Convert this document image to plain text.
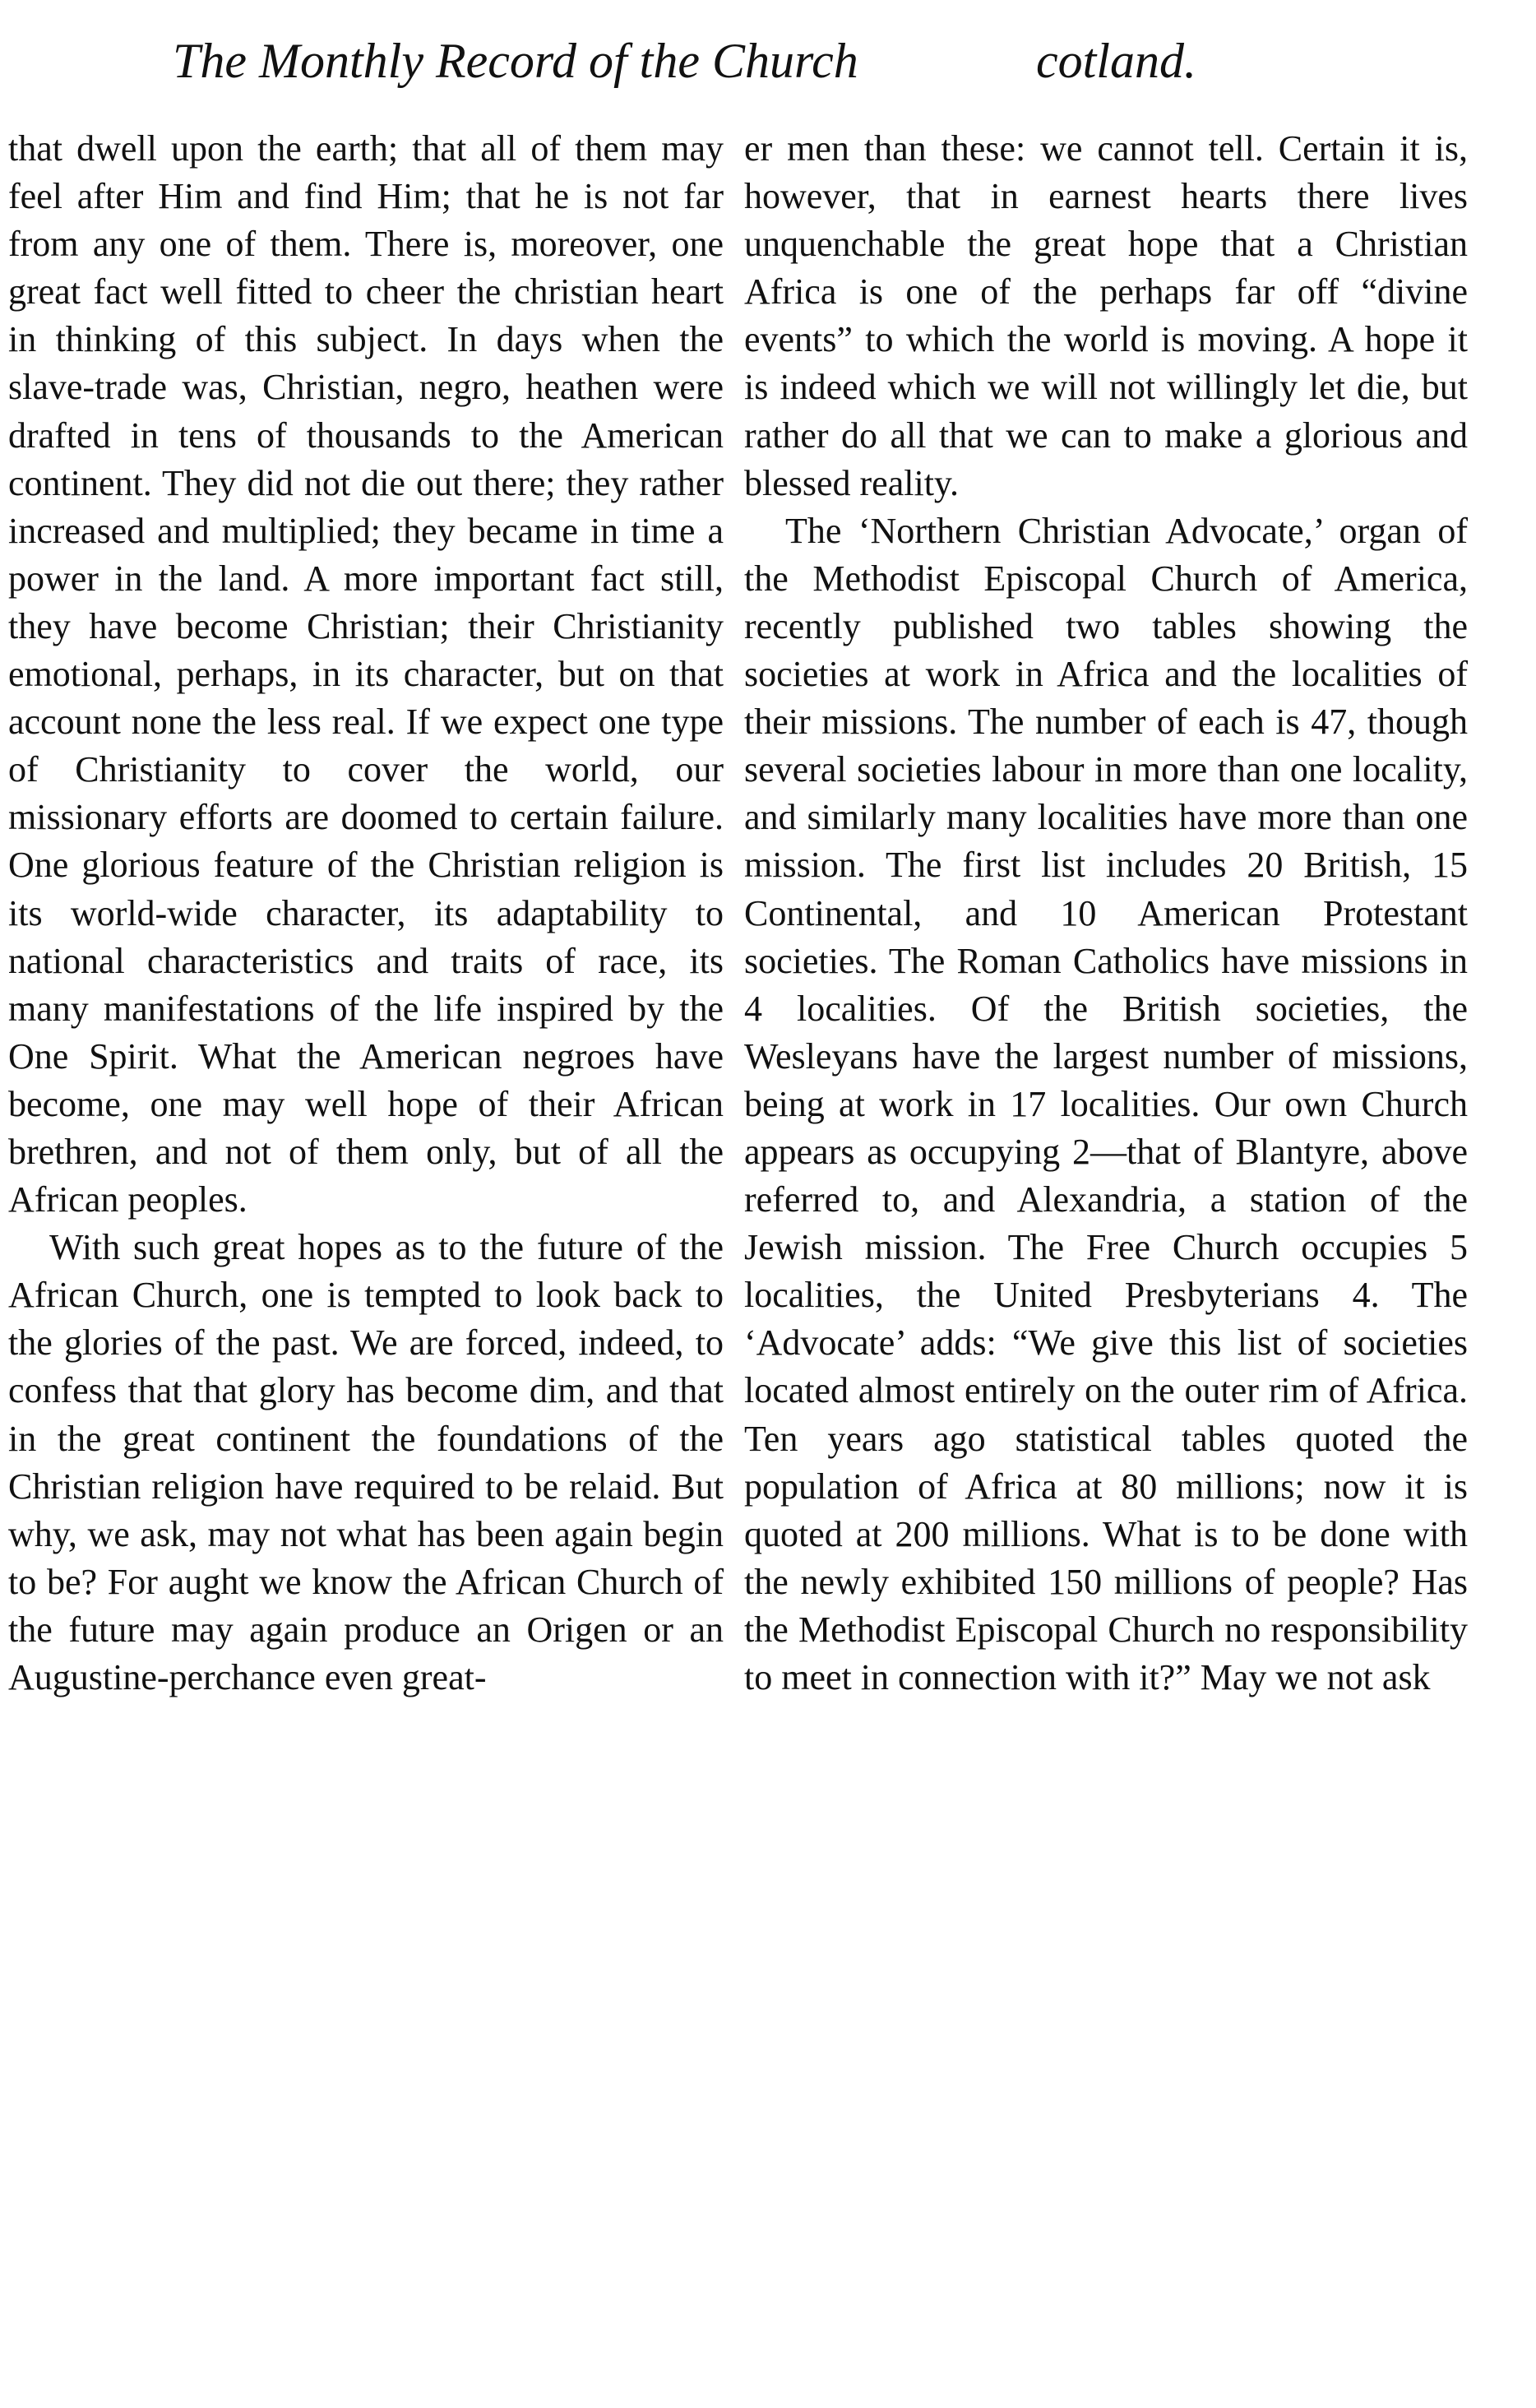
The Monthly Record of the Church	cotland.

that dwell upon the earth; that all of them may feel after Him and find Him; that he is not far from any one of them. There is, moreover, one great fact well fitted to cheer the christian heart in thinking of this subject. In days when the slave-trade was, Christian, negro, heathen were drafted in tens of thousands to the American continent. They did not die out there; they rather increased and multiplied; they became in time a power in the land. A more important fact still, they have become Christian; their Christianity emotional, perhaps, in its character, but on that account none the less real. If we expect one type of Christianity to cover the world, our missionary efforts are doomed to certain failure. One glorious feature of the Christian religion is its world-wide character, its adaptability to national characteristics and traits of race, its many manifestations of the life inspired by the One Spirit. What the American negroes have become, one may well hope of their African brethren, and not of them only, but of all the African peoples.

With such great hopes as to the future of the African Church, one is tempted to look back to the glories of the past. We are forced, indeed, to confess that that glory has become dim, and that in the great continent the foundations of the Christian religion have required to be relaid. But why, we ask, may not what has been again begin to be? For aught we know the African Church of the future may again produce an Origen or an Augustine-perchance even great-

er men than these: we cannot tell. Certain it is, however, that in earnest hearts there lives unquenchable the great hope that a Christian Africa is one of the perhaps far off “divine events” to which the world is moving. A hope it is indeed which we will not willingly let die, but rather do all that we can to make a glorious and blessed reality.

The ‘Northern Christian Advocate,’ organ of the Methodist Episcopal Church of America, recently published two tables showing the societies at work in Africa and the localities of their missions. The number of each is 47, though several societies labour in more than one locality, and similarly many localities have more than one mission. The first list includes 20 British, 15 Continental, and 10 American Protestant societies. The Roman Catholics have missions in 4 localities. Of the British societies, the Wesleyans have the largest number of missions, being at work in 17 localities. Our own Church appears as occupying 2—that of Blantyre, above referred to, and Alexandria, a station of the Jewish mission. The Free Church occupies 5 localities, the United Presbyterians 4. The ‘Advocate’ adds: “We give this list of societies located almost entirely on the outer rim of Africa. Ten years ago statistical tables quoted the population of Africa at 80 millions; now it is quoted at 200 millions. What is to be done with the newly exhibited 150 millions of people? Has the Methodist Episcopal Church no responsibility to meet in connection with it?” May we not ask
